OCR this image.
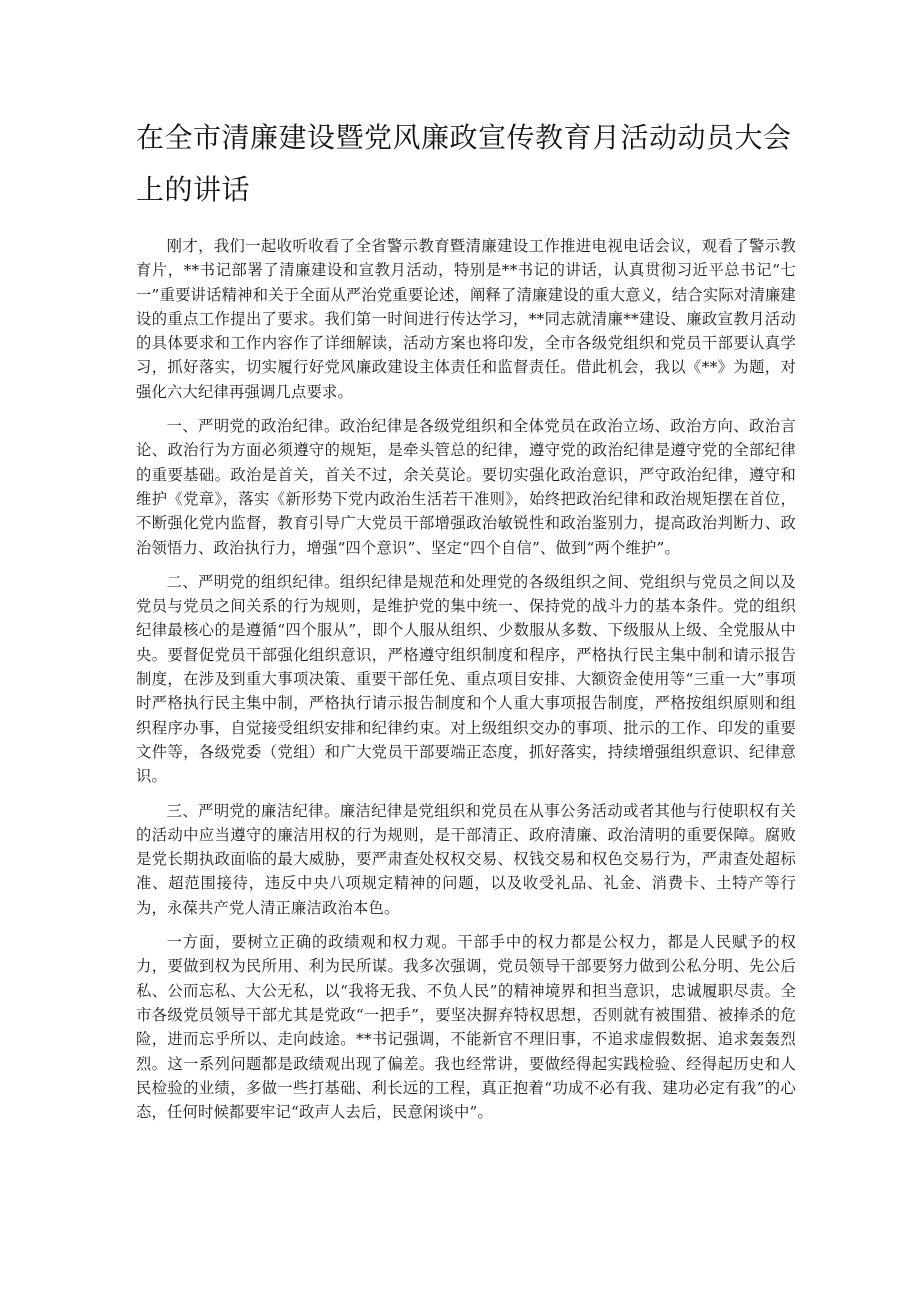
在全市清廉建设暨党风廉政宣传教育月活动动员大会上的讲话

刚才，我们一起收听收看了全省警示教育暨清廉建设工作推进电视电话会议，观看了警示教育片，**书记部署了清廉建设和宣教月活动，特别是**书记的讲话，认真贯彻习近平总书记“七一”重要讲话精神和关于全面从严治党重要论述，阐释了清廉建设的重大意义，结合实际对清廉建设的重点工作提出了要求。我们第一时间进行传达学习，**同志就清廉**建设、廉政宣教月活动的具体要求和工作内容作了详细解读，活动方案也将印发，全市各级党组织和党员干部要认真学习，抓好落实，切实履行好党风廉政建设主体责任和监督责任。借此机会，我以《**》为题，对强化六大纪律再强调几点要求。

一、严明党的政治纪律。政治纪律是各级党组织和全体党员在政治立场、政治方向、政治言论、政治行为方面必须遵守的规矩，是牵头管总的纪律，遵守党的政治纪律是遵守党的全部纪律的重要基础。政治是首关，首关不过，余关莫论。要切实强化政治意识，严守政治纪律，遵守和维护《党章》，落实《新形势下党内政治生活若干准则》，始终把政治纪律和政治规矩摆在首位，不断强化党内监督，教育引导广大党员干部增强政治敏锐性和政治鉴别力，提高政治判断力、政治领悟力、政治执行力，增强“四个意识”、坚定“四个自信”、做到“两个维护”。

二、严明党的组织纪律。组织纪律是规范和处理党的各级组织之间、党组织与党员之间以及党员与党员之间关系的行为规则，是维护党的集中统一、保持党的战斗力的基本条件。党的组织纪律最核心的是遵循“四个服从”，即个人服从组织、少数服从多数、下级服从上级、全党服从中央。要督促党员干部强化组织意识，严格遵守组织制度和程序，严格执行民主集中制和请示报告制度，在涉及到重大事项决策、重要干部任免、重点项目安排、大额资金使用等“三重一大”事项时严格执行民主集中制，严格执行请示报告制度和个人重大事项报告制度，严格按组织原则和组织程序办事，自觉接受组织安排和纪律约束。对上级组织交办的事项、批示的工作、印发的重要文件等，各级党委（党组）和广大党员干部要端正态度，抓好落实，持续增强组织意识、纪律意识。

三、严明党的廉洁纪律。廉洁纪律是党组织和党员在从事公务活动或者其他与行使职权有关的活动中应当遵守的廉洁用权的行为规则，是干部清正、政府清廉、政治清明的重要保障。腐败是党长期执政面临的最大威胁，要严肃查处权权交易、权钱交易和权色交易行为，严肃查处超标准、超范围接待，违反中央八项规定精神的问题，以及收受礼品、礼金、消费卡、土特产等行为，永葆共产党人清正廉洁政治本色。

一方面，要树立正确的政绩观和权力观。干部手中的权力都是公权力，都是人民赋予的权力，要做到权为民所用、利为民所谋。我多次强调，党员领导干部要努力做到公私分明、先公后私、公而忘私、大公无私，以“我将无我、不负人民”的精神境界和担当意识，忠诚履职尽责。全市各级党员领导干部尤其是党政“一把手”，要坚决摒弃特权思想，否则就有被围猎、被捧杀的危险，进而忘乎所以、走向歧途。**书记强调，不能新官不理旧事，不追求虚假数据、追求轰轰烈烈。这一系列问题都是政绩观出现了偏差。我也经常讲，要做经得起实践检验、经得起历史和人民检验的业绩，多做一些打基础、利长远的工程，真正抱着“功成不必有我、建功必定有我”的心态，任何时候都要牢记“政声人去后，民意闲谈中”。
